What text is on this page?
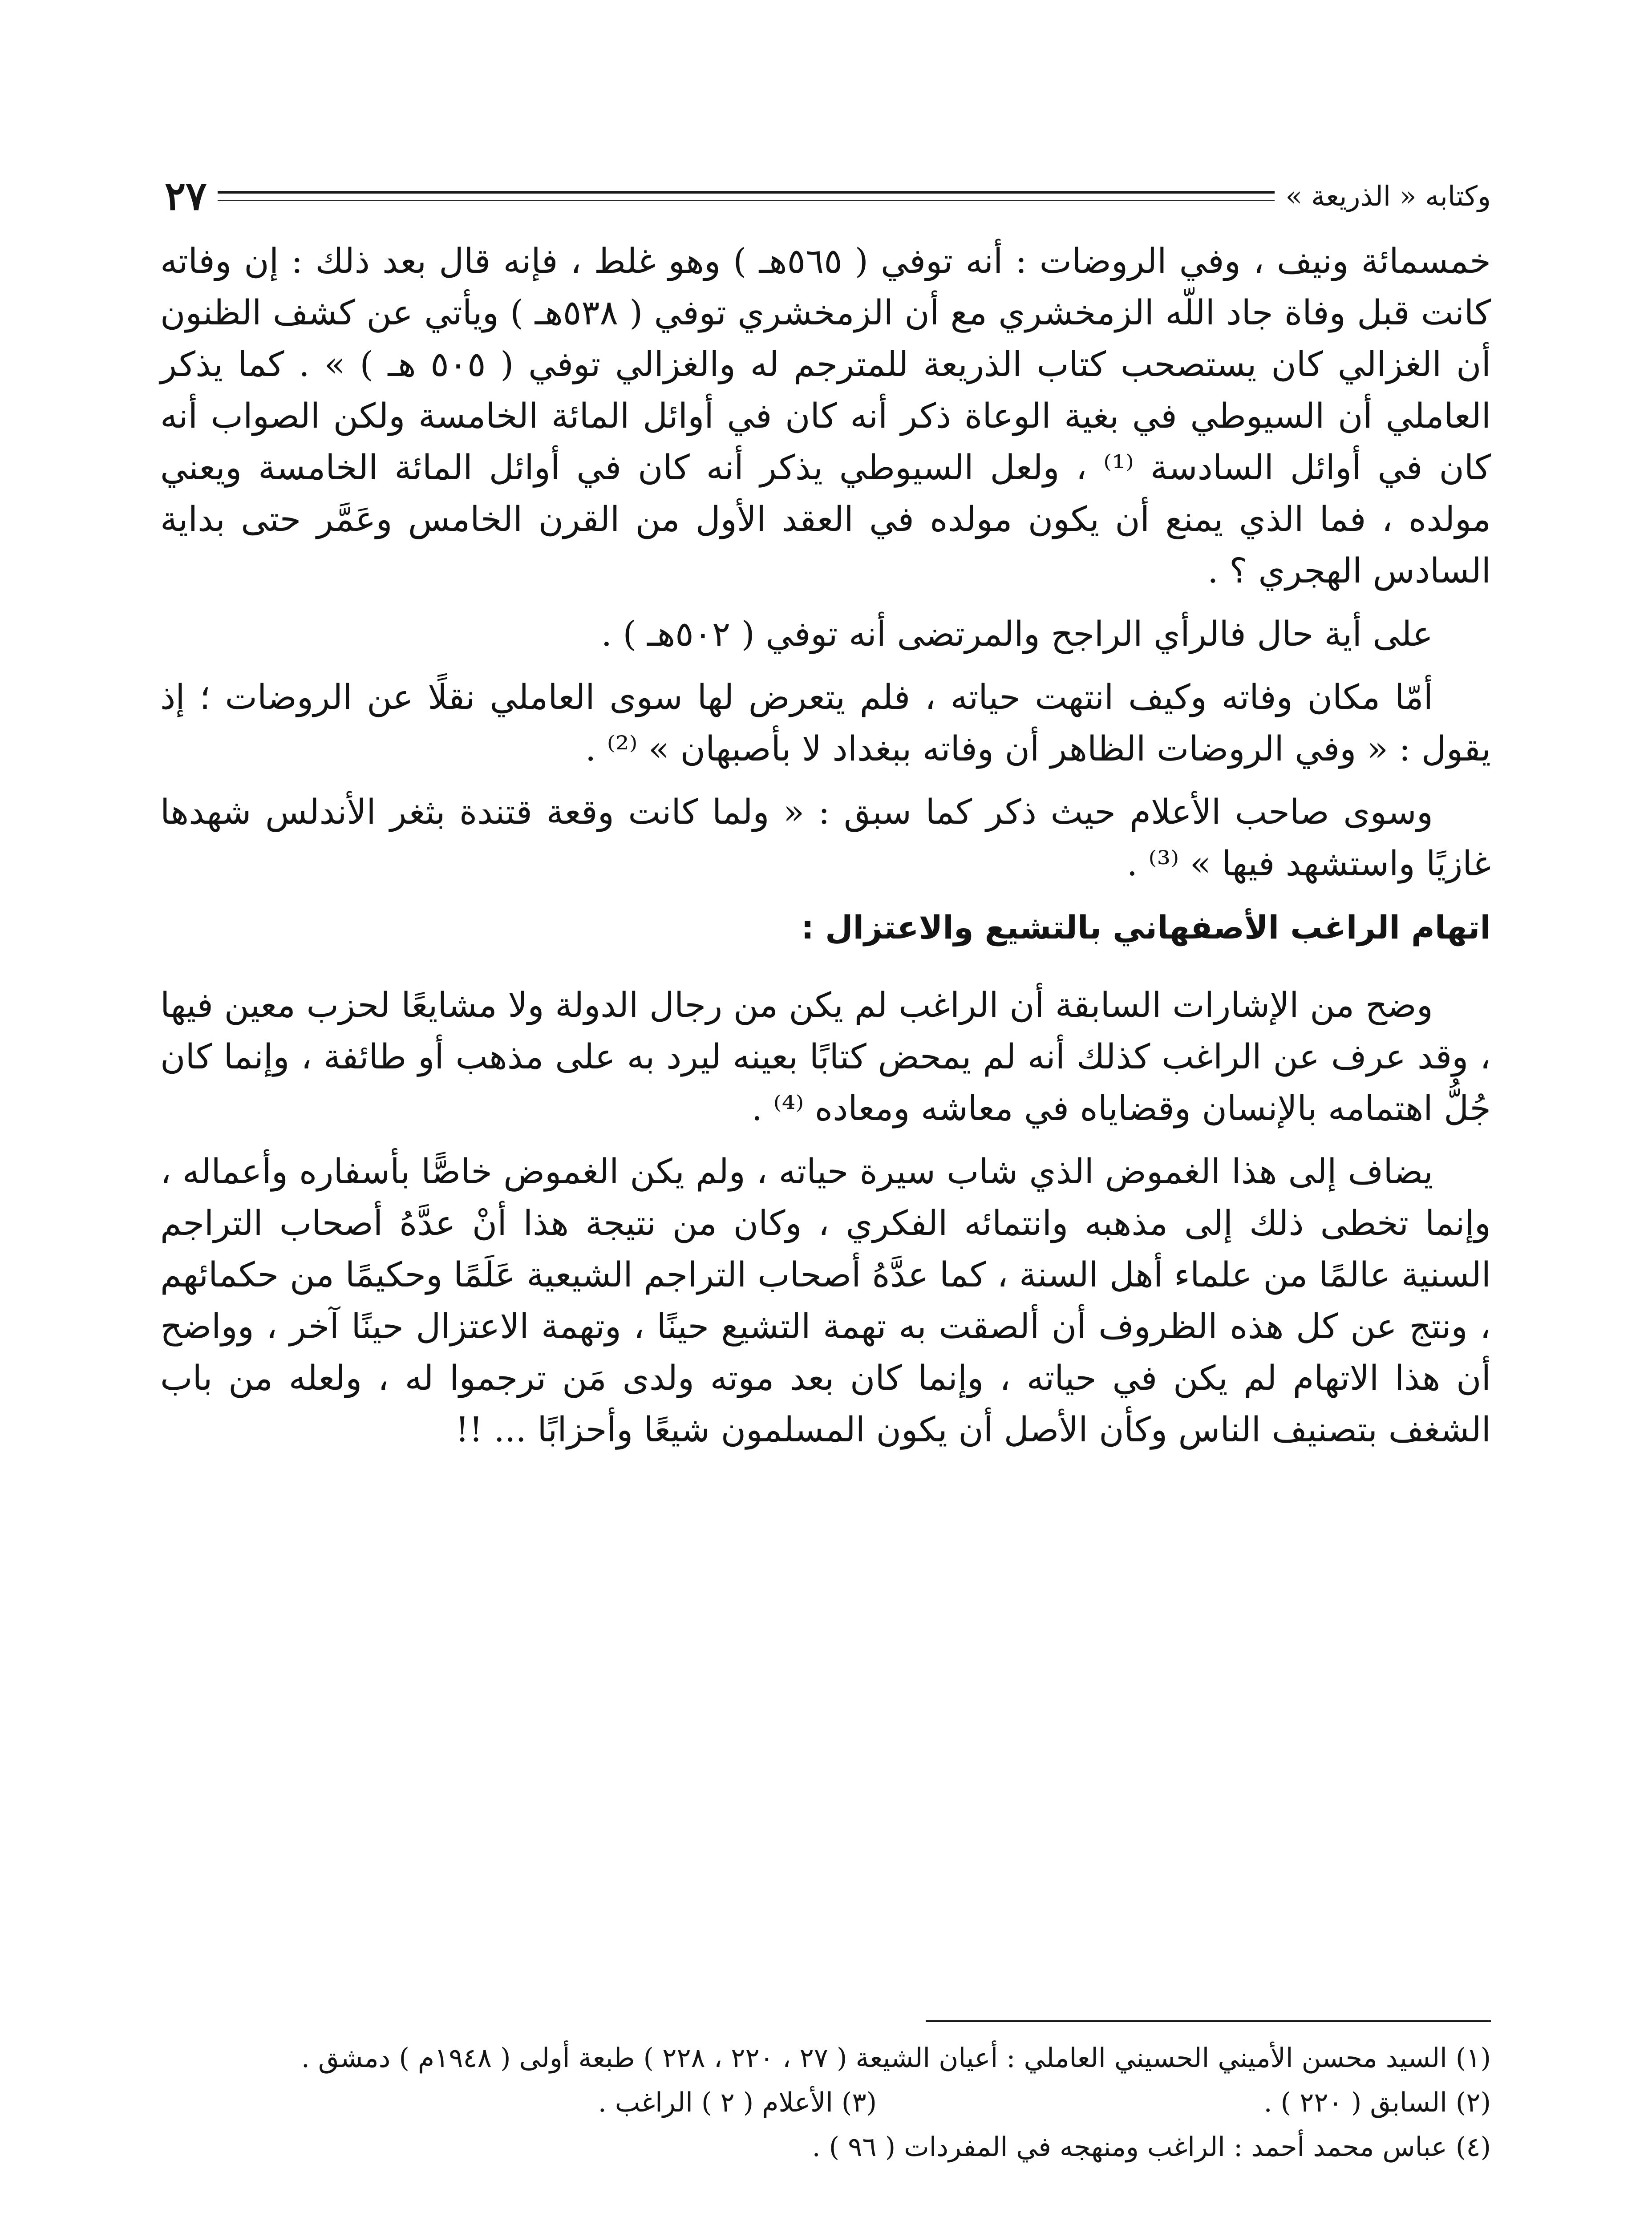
وكتابه « الذريعة »
٢٧

خمسمائة ونيف ، وفي الروضات : أنه توفي ( ٥٦٥هـ ) وهو غلط ، فإنه قال بعد ذلك : إن وفاته كانت قبل وفاة جاد اللّه الزمخشري مع أن الزمخشري توفي ( ٥٣٨هـ ) ويأتي عن كشف الظنون أن الغزالي كان يستصحب كتاب الذريعة للمترجم له والغزالي توفي ( ٥٠٥ هـ ) » . كما يذكر العاملي أن السيوطي في بغية الوعاة ذكر أنه كان في أوائل المائة الخامسة ولكن الصواب أنه كان في أوائل السادسة ⁽¹⁾ ، ولعل السيوطي يذكر أنه كان في أوائل المائة الخامسة ويعني مولده ، فما الذي يمنع أن يكون مولده في العقد الأول من القرن الخامس وعَمَّر حتى بداية السادس الهجري ؟ .

على أية حال فالرأي الراجح والمرتضى أنه توفي ( ٥٠٢هـ ) .

أمّا مكان وفاته وكيف انتهت حياته ، فلم يتعرض لها سوى العاملي نقلًا عن الروضات ؛ إذ يقول : « وفي الروضات الظاهر أن وفاته ببغداد لا بأصبهان » ⁽²⁾ .

وسوى صاحب الأعلام حيث ذكر كما سبق : « ولما كانت وقعة قتندة بثغر الأندلس شهدها غازيًا واستشهد فيها » ⁽³⁾ .

اتهام الراغب الأصفهاني بالتشيع والاعتزال :

وضح من الإشارات السابقة أن الراغب لم يكن من رجال الدولة ولا مشايعًا لحزب معين فيها ، وقد عرف عن الراغب كذلك أنه لم يمحض كتابًا بعينه ليرد به على مذهب أو طائفة ، وإنما كان جُلُّ اهتمامه بالإنسان وقضاياه في معاشه ومعاده ⁽⁴⁾ .

يضاف إلى هذا الغموض الذي شاب سيرة حياته ، ولم يكن الغموض خاصًّا بأسفاره وأعماله ، وإنما تخطى ذلك إلى مذهبه وانتمائه الفكري ، وكان من نتيجة هذا أنْ عدَّهُ أصحاب التراجم السنية عالمًا من علماء أهل السنة ، كما عدَّهُ أصحاب التراجم الشيعية عَلَمًا وحكيمًا من حكمائهم ، ونتج عن كل هذه الظروف أن ألصقت به تهمة التشيع حينًا ، وتهمة الاعتزال حينًا آخر ، وواضح أن هذا الاتهام لم يكن في حياته ، وإنما كان بعد موته ولدى مَن ترجموا له ، ولعله من باب الشغف بتصنيف الناس وكأن الأصل أن يكون المسلمون شيعًا وأحزابًا ... !!

(١) السيد محسن الأميني الحسيني العاملي : أعيان الشيعة ( ٢٧ ، ٢٢٠ ، ٢٢٨ ) طبعة أولى ( ١٩٤٨م ) دمشق .

(٢) السابق ( ٢٢٠ ) .
(٣) الأعلام ( ٢ ) الراغب .

(٤) عباس محمد أحمد : الراغب ومنهجه في المفردات ( ٩٦ ) .
